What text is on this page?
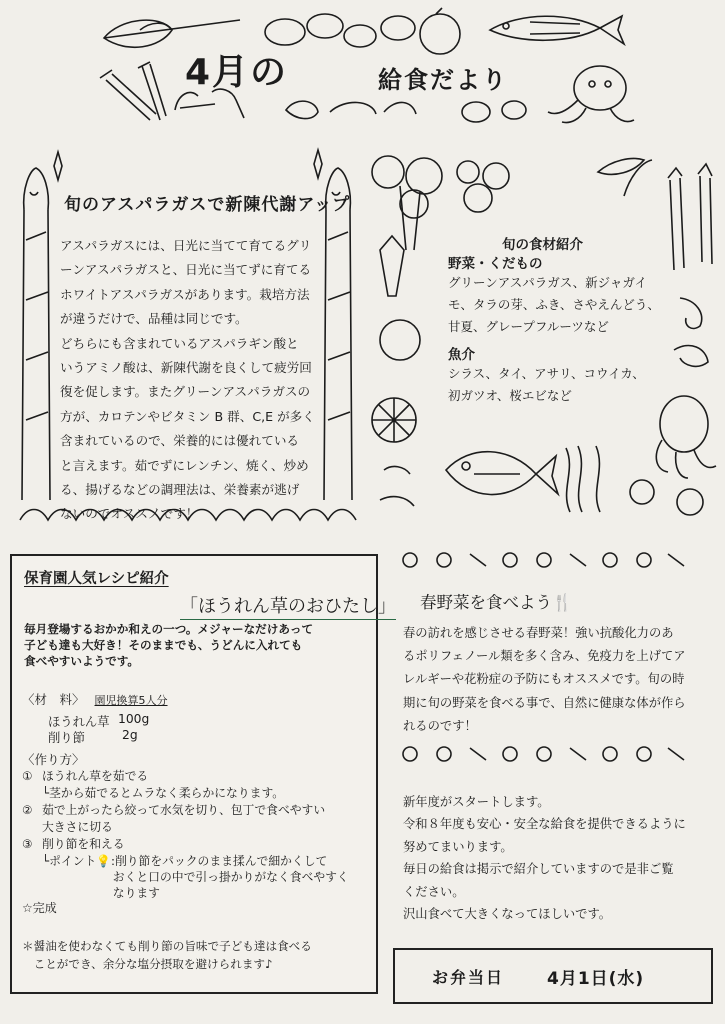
4月の	給食だより
旬のアスパラガスで新陳代謝アップ

アスパラガスには、日光に当てて育てるグリ

ーンアスパラガスと、日光に当てずに育てる

ホワイトアスパラガスがあります。栽培方法

が違うだけで、品種は同じです。

どちらにも含まれているアスパラギン酸と

いうアミノ酸は、新陳代謝を良くして疲労回

復を促します。またグリーンアスパラガスの

方が、カロテンやビタミン B 群、C,E が多く

含まれているので、栄養的には優れている

と言えます。茹でずにレンチン、焼く、炒め

る、揚げるなどの調理法は、栄養素が逃げ

ないのでオススメです！

旬の食材紹介
野菜・くだもの
グリーンアスパラガス、新ジャガイ
モ、タラの芽、ふき、さやえんどう、
甘夏、グレープフルーツなど
魚介
シラス、タイ、アサリ、コウイカ、
初ガツオ、桜エビなど
保育園人気レシピ紹介
「ほうれん草のおひたし」
毎月登場するおかか和えの一つ。メジャーなだけあって
子ども達も大好き！そのままでも、うどんに入れても
食べやすいようです。
〈材　料〉 園児換算5人分
ほうれん草 100g
削り節	2g
〈作り方〉
① ほうれん草を茹でる
└茎から茹でるとムラなく柔らかになります。
② 茹で上がったら絞って水気を切り、包丁で食べやすい
大きさに切る
③ 削り節を和える
└ポイント💡:削り節をパックのまま揉んで細かくして
　　　　　　おくと口の中で引っ掛かりがなく食べやすく
　　　　　　なります
☆完成
＊醤油を使わなくても削り節の旨味で子ども達は食べる
　ことができ、余分な塩分摂取を避けられます♪
春野菜を食べよう🍴
春の訪れを感じさせる春野菜！強い抗酸化力のあ
るポリフェノール類を多く含み、免疫力を上げてア
レルギーや花粉症の予防にもオススメです。旬の時
期に旬の野菜を食べる事で、自然に健康な体が作ら
れるのです！

新年度がスタートします。

令和８年度も安心・安全な給食を提供できるように

努めてまいります。

毎日の給食は掲示で紹介していますので是非ご覧

ください。

沢山食べて大きくなってほしいです。

お弁当日	4月1日(水)
